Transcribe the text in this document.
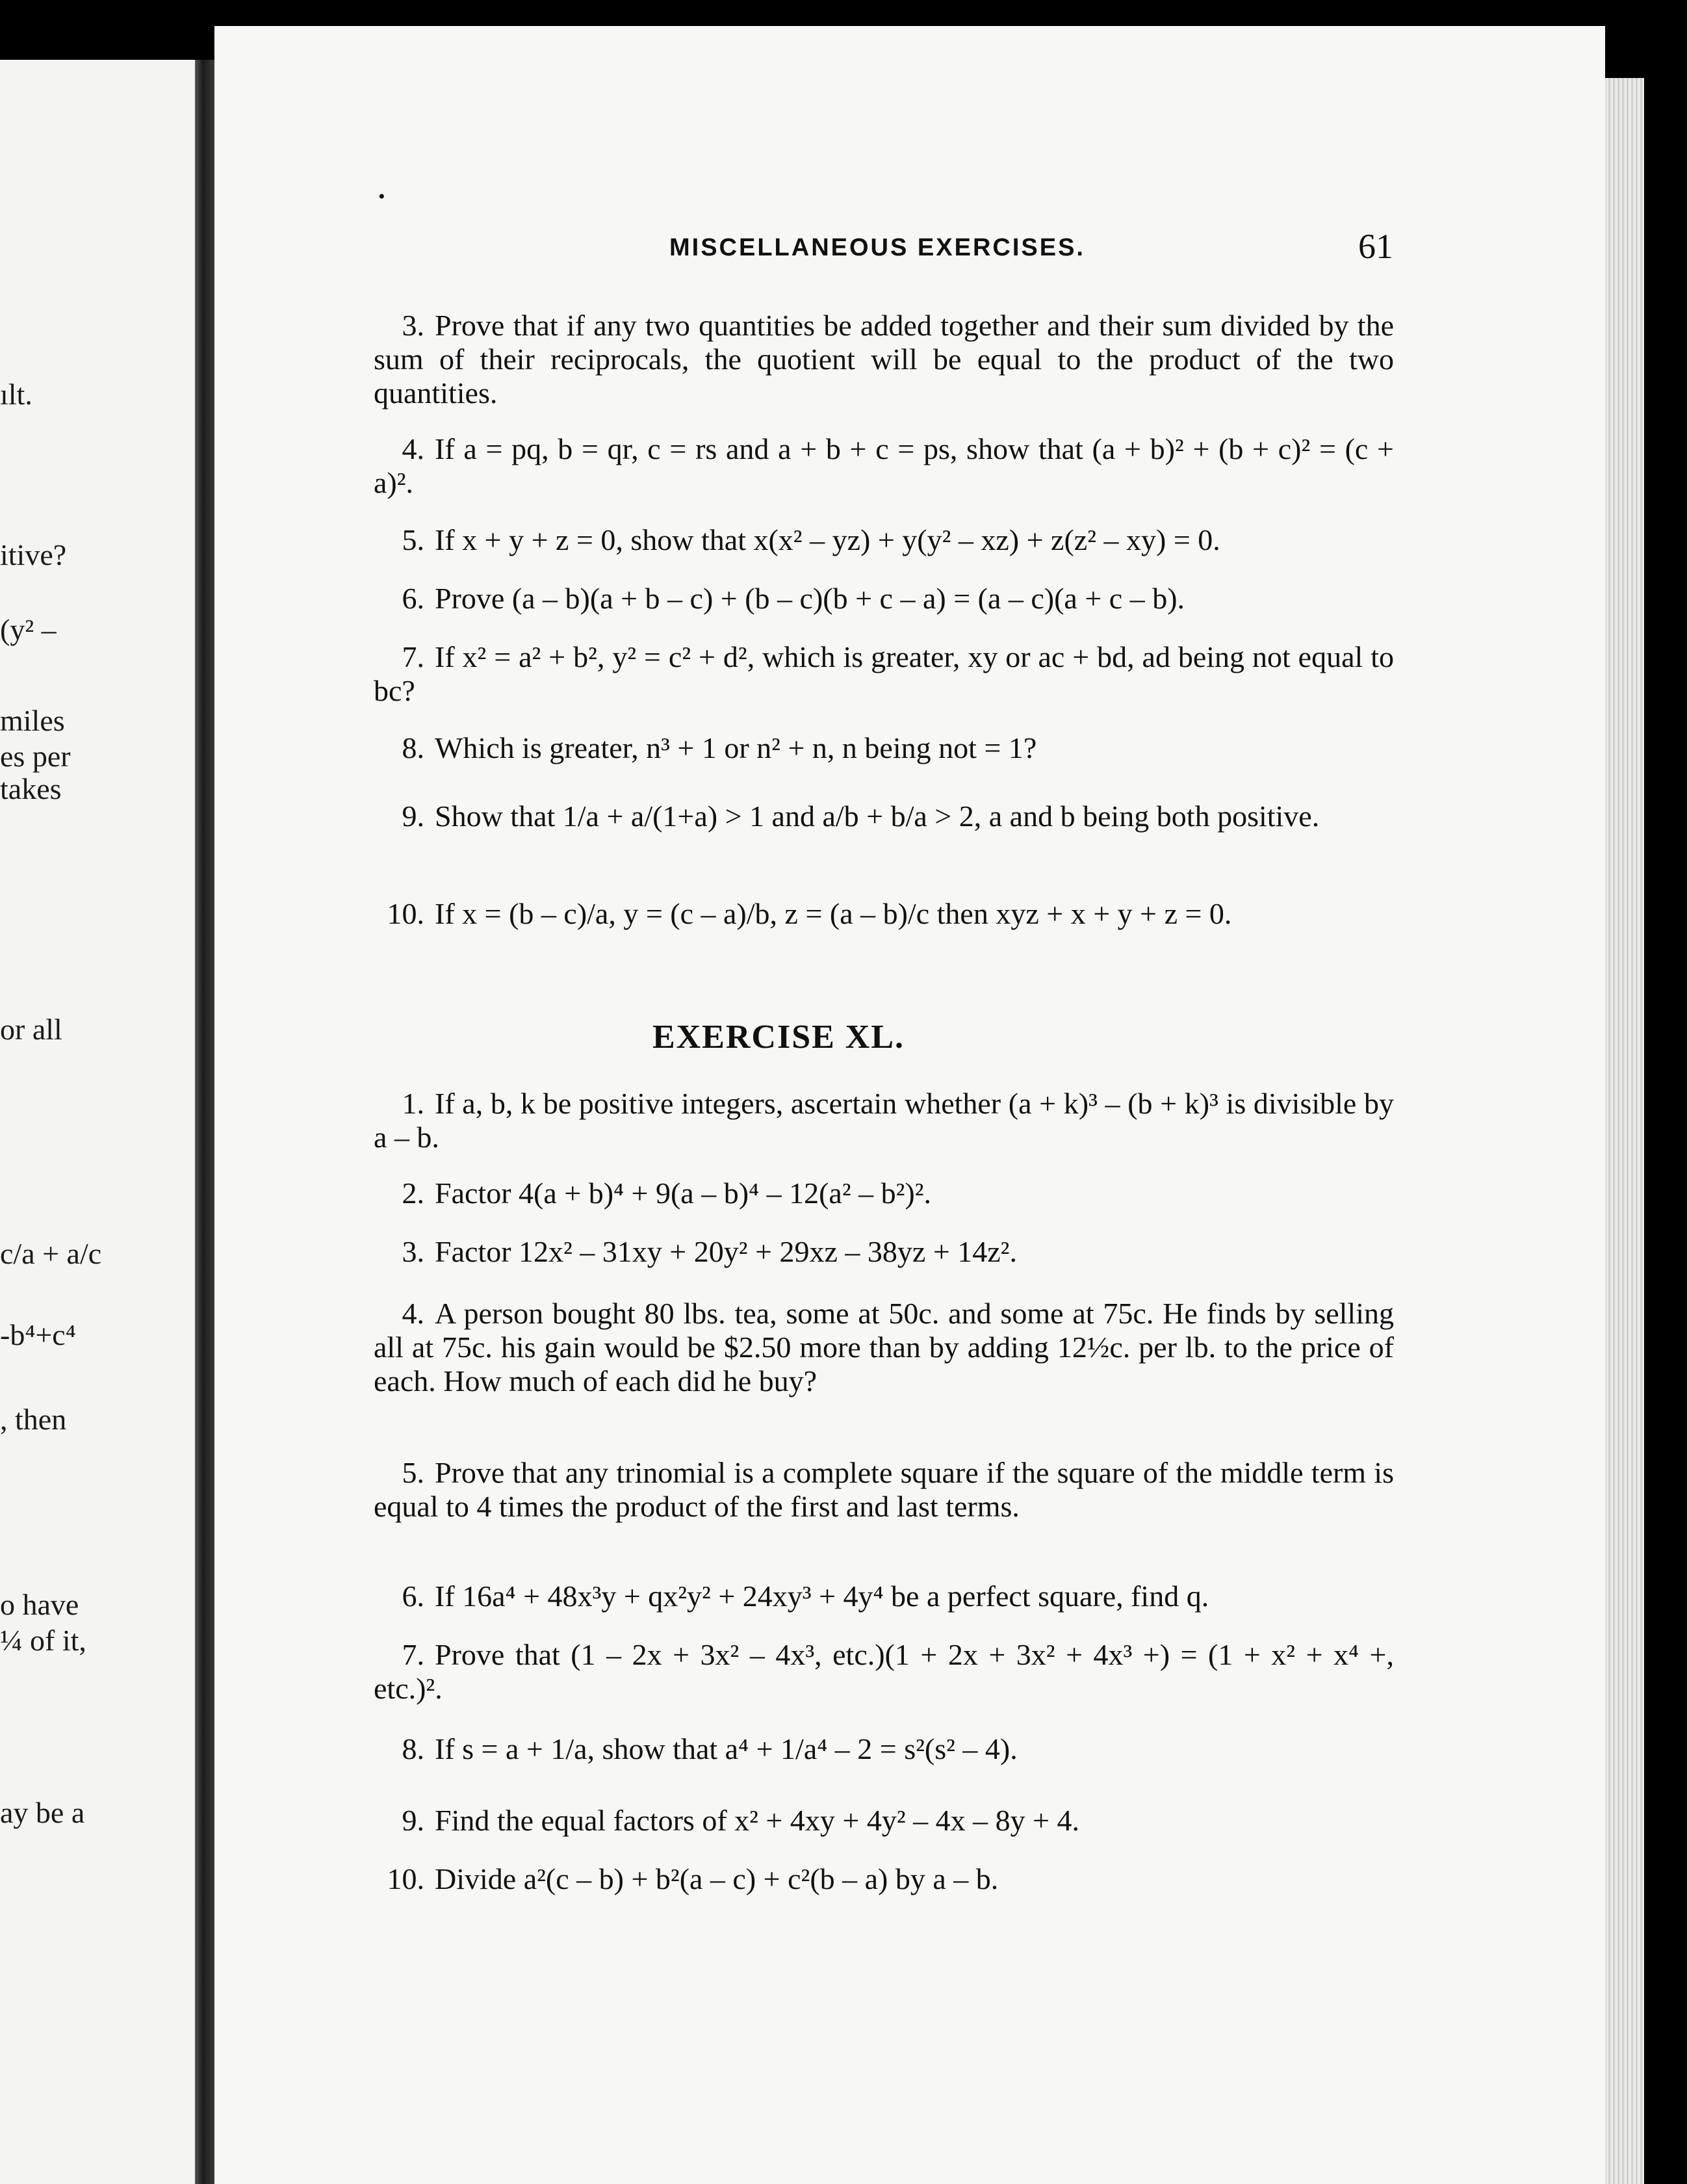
ılt.
itive?
(y² –
miles
es per
takes
or all
c/a + a/c
-b⁴+c⁴
, then
o have
¼ of it,
ay be a
•
MISCELLANEOUS EXERCISES.	61
3. Prove that if any two quantities be added together and their sum divided by the sum of their reciprocals, the quotient will be equal to the product of the two quantities.
4. If a = pq, b = qr, c = rs and a + b + c = ps, show that (a + b)² + (b + c)² = (c + a)².
5. If x + y + z = 0, show that x(x² – yz) + y(y² – xz) + z(z² – xy) = 0.
6. Prove (a – b)(a + b – c) + (b – c)(b + c – a) = (a – c)(a + c – b).
7. If x² = a² + b², y² = c² + d², which is greater, xy or ac + bd, ad being not equal to bc?
8. Which is greater, n³ + 1 or n² + n, n being not = 1?
9. Show that 1/a + a/(1+a) > 1 and a/b + b/a > 2, a and b being both positive.
10. If x = (b – c)/a, y = (c – a)/b, z = (a – b)/c then xyz + x + y + z = 0.
EXERCISE XL.
1. If a, b, k be positive integers, ascertain whether (a + k)³ – (b + k)³ is divisible by a – b.
2. Factor 4(a + b)⁴ + 9(a – b)⁴ – 12(a² – b²)².
3. Factor 12x² – 31xy + 20y² + 29xz – 38yz + 14z².
4. A person bought 80 lbs. tea, some at 50c. and some at 75c. He finds by selling all at 75c. his gain would be $2.50 more than by adding 12½c. per lb. to the price of each. How much of each did he buy?
5. Prove that any trinomial is a complete square if the square of the middle term is equal to 4 times the product of the first and last terms.
6. If 16a⁴ + 48x³y + qx²y² + 24xy³ + 4y⁴ be a perfect square, find q.
7. Prove that (1 – 2x + 3x² – 4x³, etc.)(1 + 2x + 3x² + 4x³ +) = (1 + x² + x⁴ +, etc.)².
8. If s = a + 1/a, show that a⁴ + 1/a⁴ – 2 = s²(s² – 4).
9. Find the equal factors of x² + 4xy + 4y² – 4x – 8y + 4.
10. Divide a²(c – b) + b²(a – c) + c²(b – a) by a – b.
